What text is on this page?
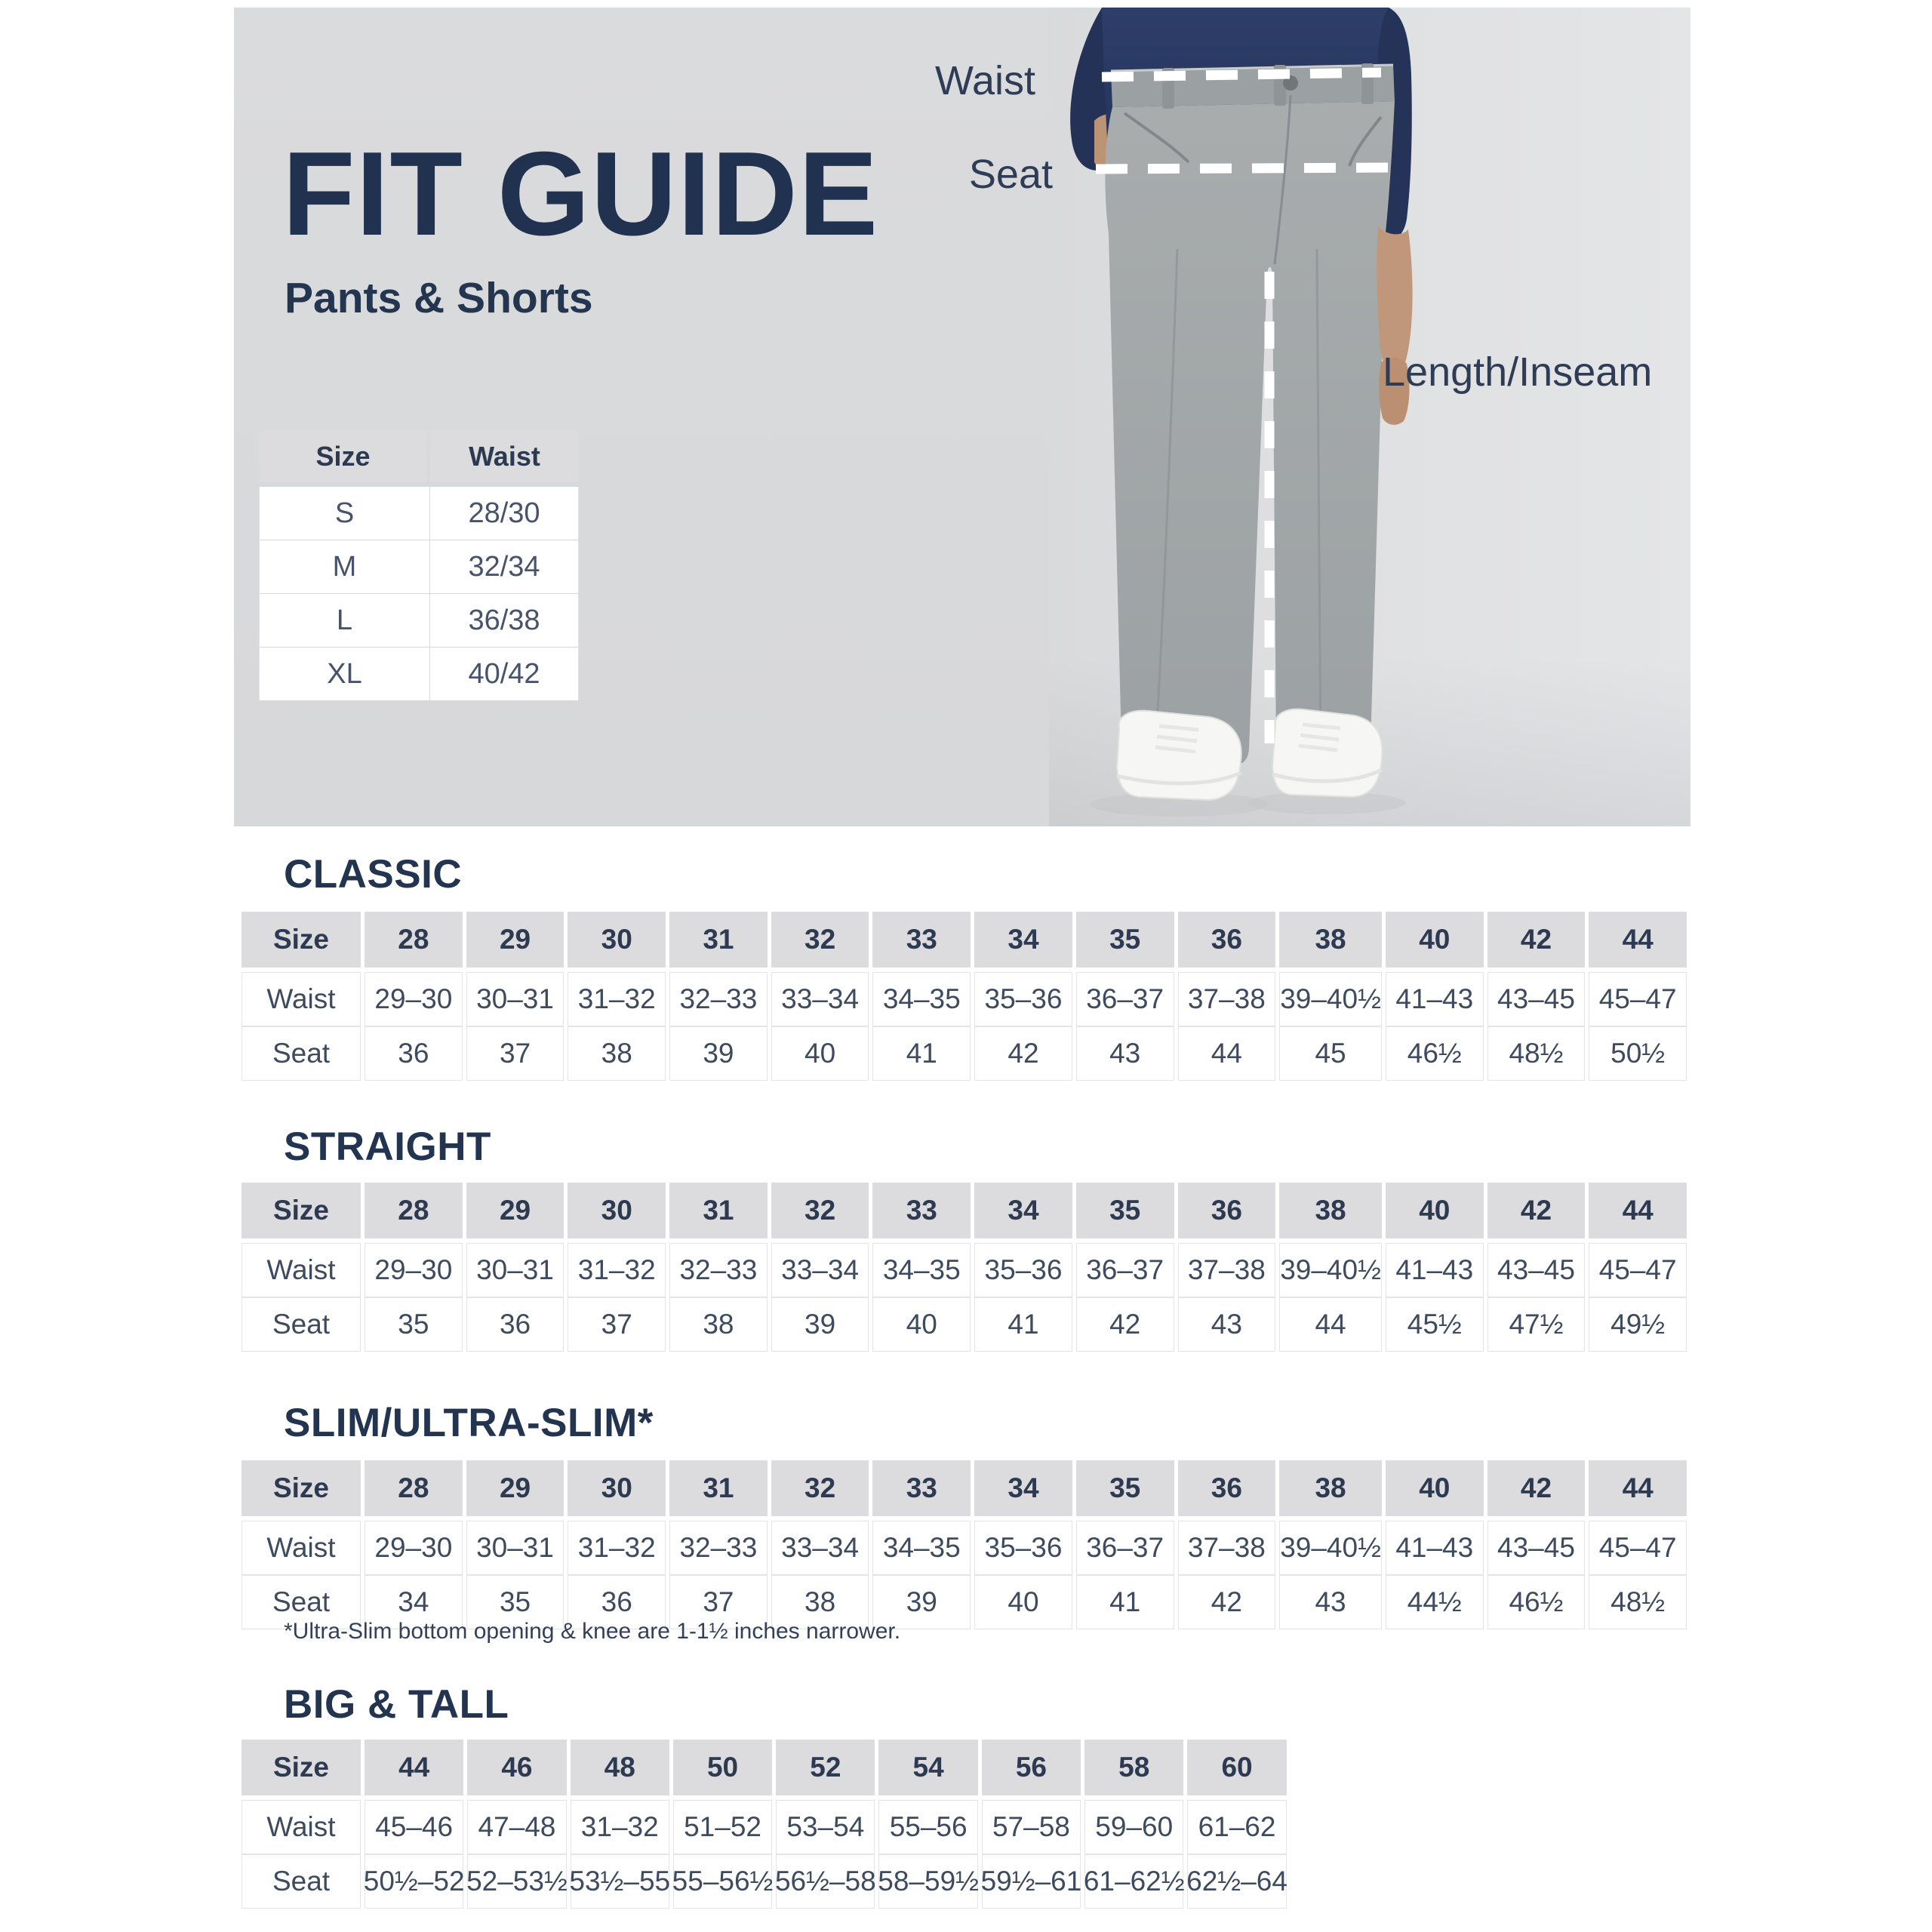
FIT GUIDE
Pants & Shorts
Size	Waist
S	28/30
M	32/34
L	36/38
XL	40/42
Waist
Seat
Length/Inseam
CLASSIC
Size	28	29	30	31	32	33	34	35	36	38	40	42	44
Waist	29–30 30–31 31–32 32–33 33–34 34–35 35–36 36–37 37–38 39–40½ 41–43 43–45 45–47
Seat	36	37	38	39	40	41	42	43	44	45	46½	48½	50½
STRAIGHT
Size	28	29	30	31	32	33	34	35	36	38	40	42	44
Waist	29–30 30–31 31–32 32–33 33–34 34–35 35–36 36–37 37–38 39–40½ 41–43 43–45 45–47
Seat	35	36	37	38	39	40	41	42	43	44	45½	47½	49½
SLIM/ULTRA-SLIM*
Size	28	29	30	31	32	33	34	35	36	38	40	42	44
Waist	29–30 30–31 31–32 32–33 33–34 34–35 35–36 36–37 37–38 39–40½ 41–43 43–45 45–47
Seat	34	35	36	37	38	39	40	41	42	43	44½	46½	48½
*Ultra-Slim bottom opening & knee are 1-1½ inches narrower.
BIG & TALL
Size	44	46	48	50	52	54	56	58	60
Waist	45–46 47–48 31–32 51–52 53–54 55–56 57–58 59–60 61–62
Seat	50½–52 52–53½ 53½–55 55–56½ 56½–58 58–59½ 59½–61 61–62½ 62½–64
